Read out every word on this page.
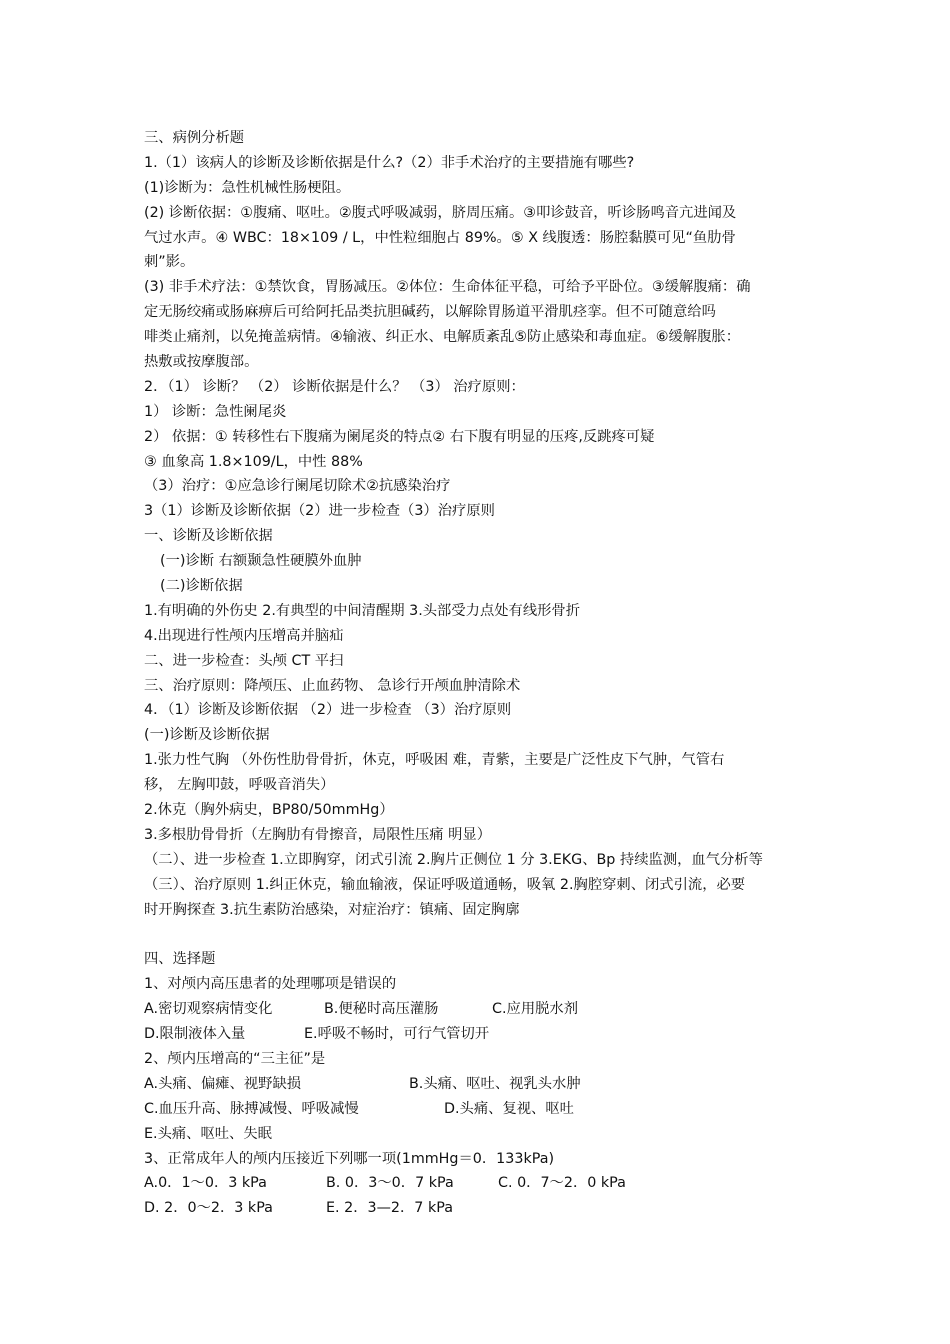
三、病例分析题
1.（1）该病人的诊断及诊断依据是什么?（2）非手术治疗的主要措施有哪些?
(1)诊断为：急性机械性肠梗阻。
(2) 诊断依据：①腹痛、呕吐。②腹式呼吸减弱，脐周压痛。③叩诊鼓音，听诊肠鸣音亢进闻及
气过水声。④ WBC：18×109 / L，中性粒细胞占 89%。⑤ X 线腹透：肠腔黏膜可见“鱼肋骨
刺”影。
(3) 非手术疗法：①禁饮食，胃肠减压。②体位：生命体征平稳，可给予平卧位。③缓解腹痛：确
定无肠绞痛或肠麻痹后可给阿托品类抗胆碱药，以解除胃肠道平滑肌痉挛。但不可随意给吗
啡类止痛剂，以免掩盖病情。④输液、纠正水、电解质紊乱⑤防止感染和毒血症。⑥缓解腹胀：
热敷或按摩腹部。
2．（1） 诊断？ （2） 诊断依据是什么？ （3） 治疗原则：
1） 诊断：急性阑尾炎
2） 依据：① 转移性右下腹痛为阑尾炎的特点② 右下腹有明显的压疼,反跳疼可疑
③ 血象高 1.8×109/L，中性 88%
（3）治疗：①应急诊行阑尾切除术②抗感染治疗
3（1）诊断及诊断依据（2）进一步检查（3）治疗原则
一、诊断及诊断依据
(一)诊断 右额颞急性硬膜外血肿
(二)诊断依据
1.有明确的外伤史 2.有典型的中间清醒期 3.头部受力点处有线形骨折
4.出现进行性颅内压增高并脑疝
二、进一步检查：头颅 CT 平扫
三、治疗原则：降颅压、止血药物、 急诊行开颅血肿清除术
4．（1）诊断及诊断依据 （2）进一步检查 （3）治疗原则
(一)诊断及诊断依据
1.张力性气胸 （外伤性肋骨骨折，休克，呼吸困 难，青紫，主要是广泛性皮下气肿，气管右
移， 左胸叩鼓，呼吸音消失）
2.休克（胸外病史，BP80/50mmHg）
3.多根肋骨骨折（左胸肋有骨擦音，局限性压痛 明显）
（二）、进一步检查 1.立即胸穿，闭式引流 2.胸片正侧位 1 分 3.EKG、Bp 持续监测，血气分析等
（三）、治疗原则 1.纠正休克，输血输液，保证呼吸道通畅，吸氧 2.胸腔穿刺、闭式引流，必要
时开胸探查 3.抗生素防治感染，对症治疗：镇痛、固定胸廓
四、选择题
1、对颅内高压患者的处理哪项是错误的
A.密切观察病情变化	B.便秘时高压灌肠	C.应用脱水剂
D.限制液体入量	E.呼吸不畅时，可行气管切开
2、颅内压增高的“三主征”是
A.头痛、偏瘫、视野缺损	B.头痛、呕吐、视乳头水肿
C.血压升高、脉搏减慢、呼吸减慢	D.头痛、复视、呕吐
E.头痛、呕吐、失眠
3、正常成年人的颅内压接近下列哪一项(1mmHg＝0．133kPa)
A.0．1～0．3 kPa	B. 0．3～0．7 kPa	C. 0．7～2．0 kPa
D. 2．0～2．3 kPa	E. 2．3—2．7 kPa
